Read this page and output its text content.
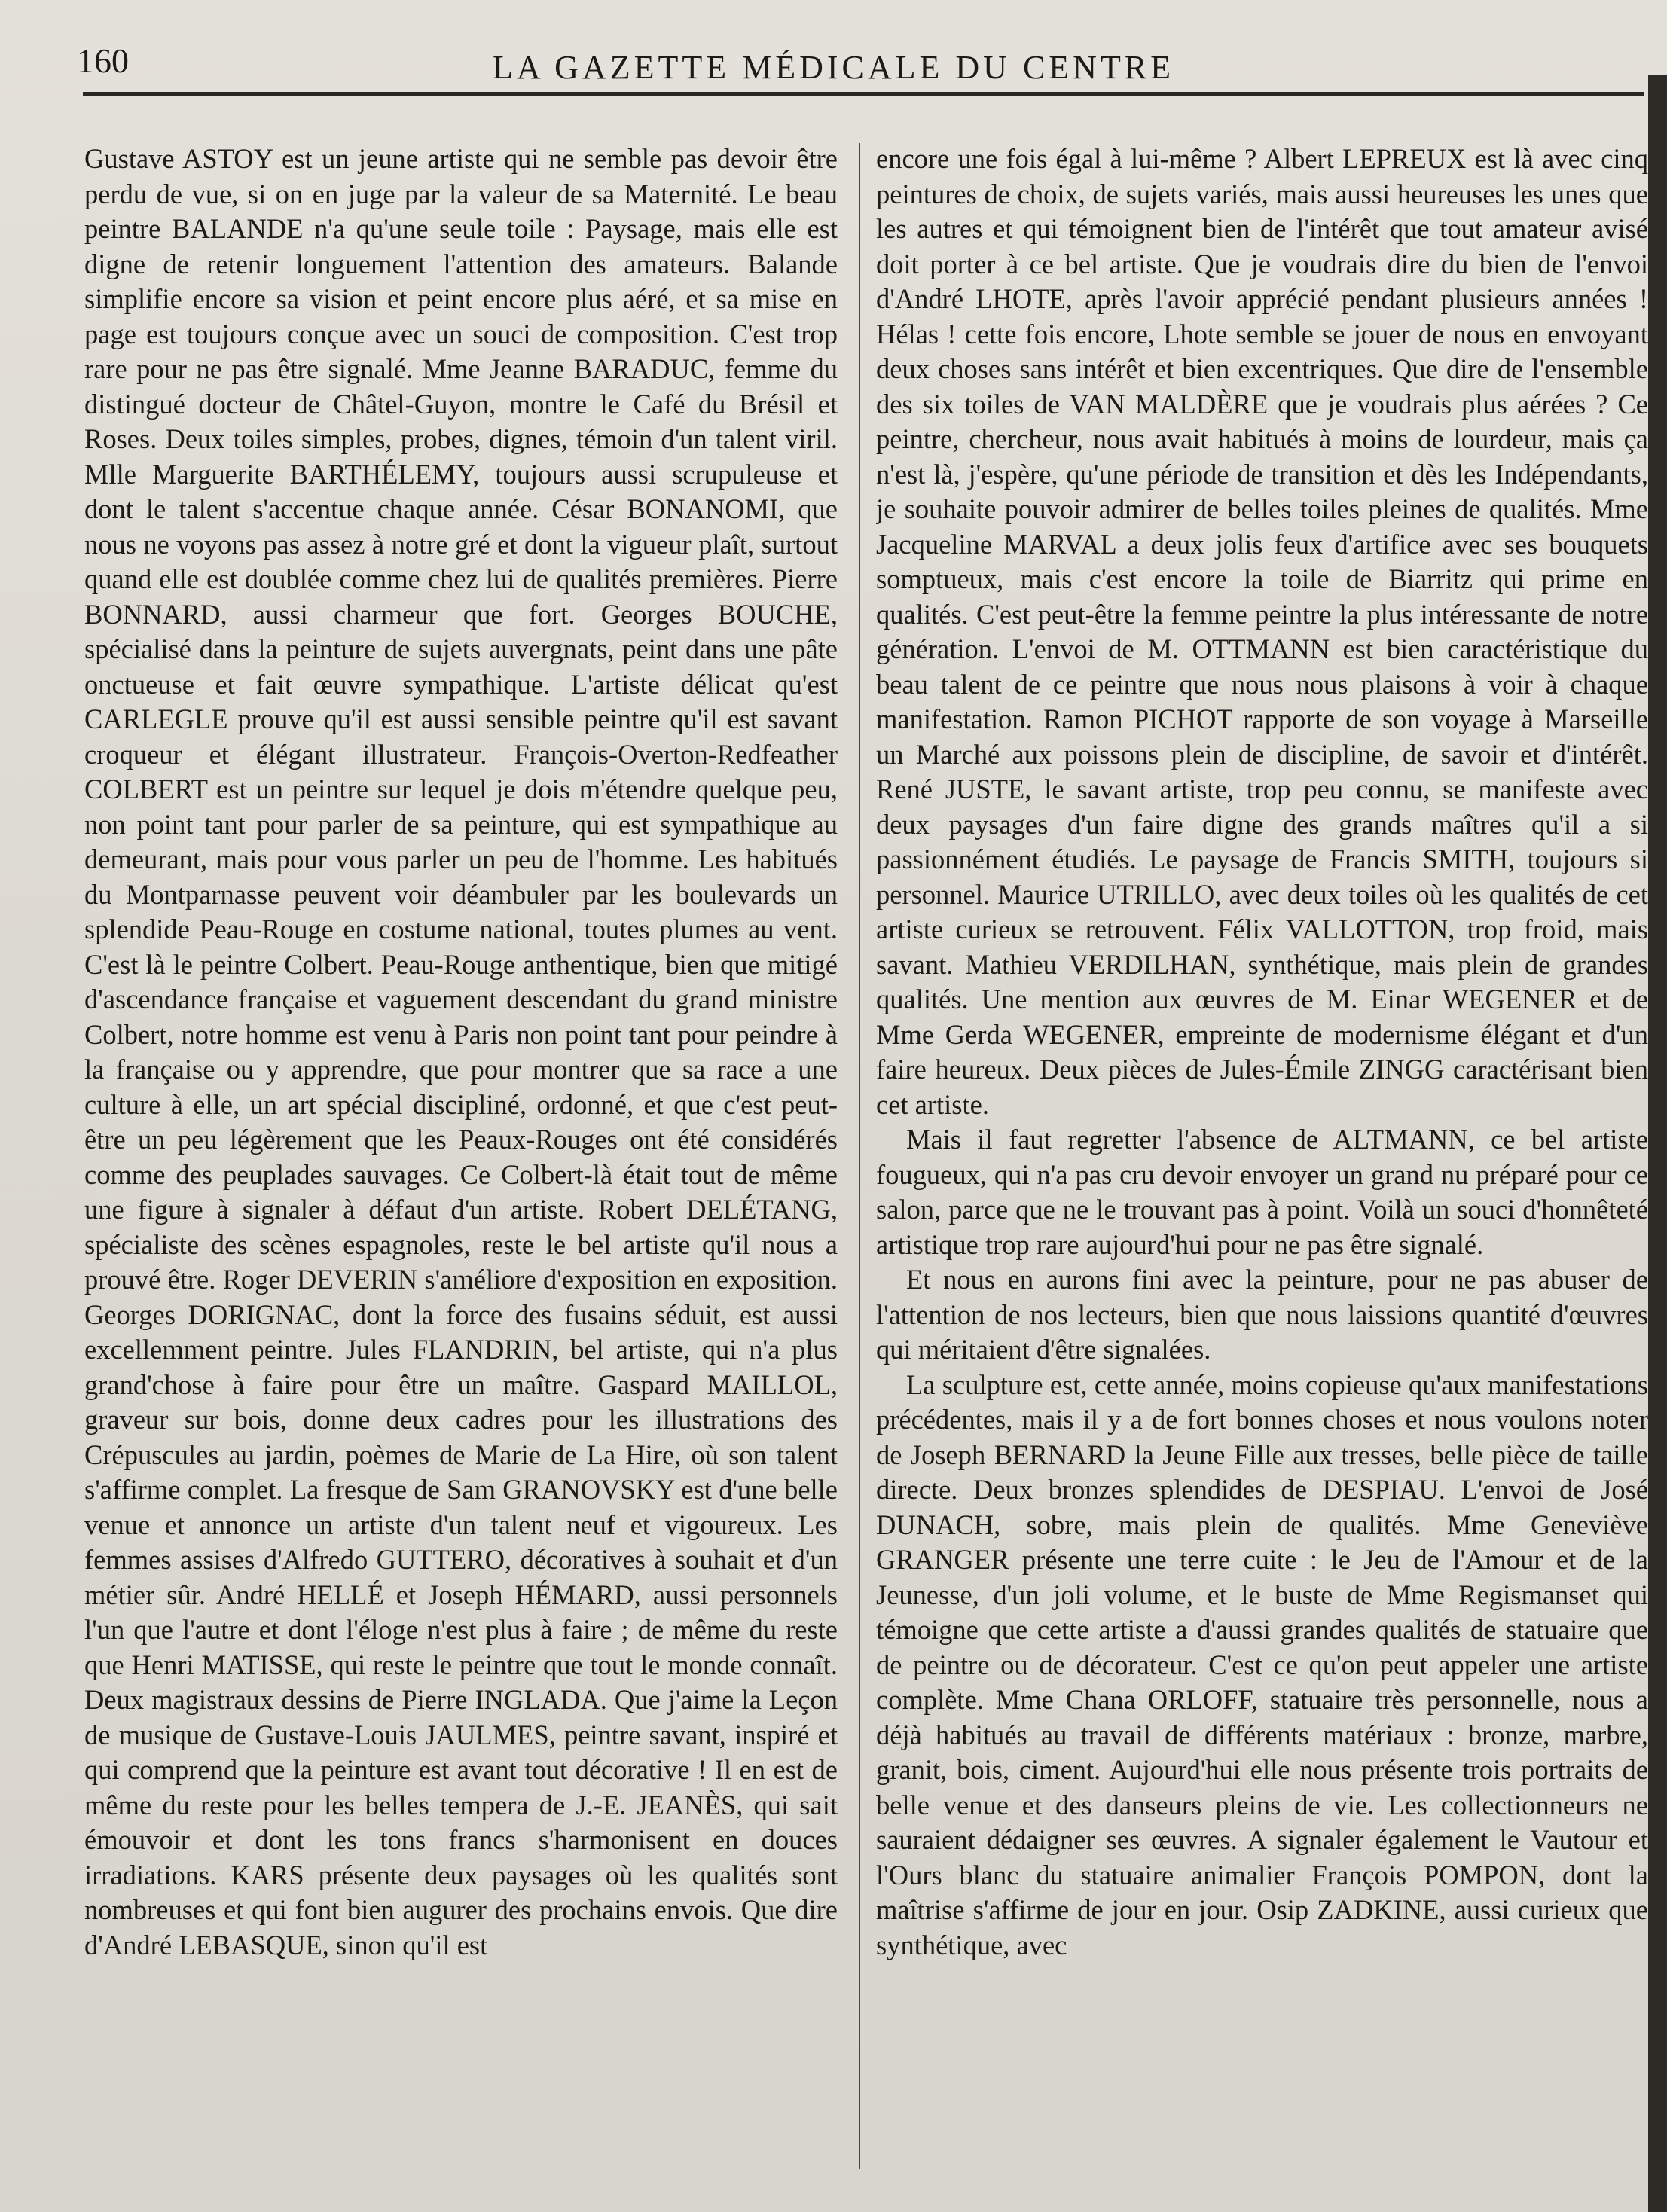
160	LA GAZETTE MÉDICALE DU CENTRE

Gustave ASTOY est un jeune artiste qui ne semble pas devoir être perdu de vue, si on en juge par la valeur de sa Maternité. Le beau peintre BALANDE n'a qu'une seule toile : Paysage, mais elle est digne de retenir longuement l'attention des amateurs. Balande simplifie encore sa vision et peint encore plus aéré, et sa mise en page est toujours conçue avec un souci de composition. C'est trop rare pour ne pas être signalé. Mme Jeanne BARADUC, femme du distingué docteur de Châtel-Guyon, montre le Café du Brésil et Roses. Deux toiles simples, probes, dignes, témoin d'un talent viril. Mlle Marguerite BARTHÉLEMY, toujours aussi scrupuleuse et dont le talent s'accentue chaque année. César BONANOMI, que nous ne voyons pas assez à notre gré et dont la vigueur plaît, surtout quand elle est doublée comme chez lui de qualités premières. Pierre BONNARD, aussi charmeur que fort. Georges BOUCHE, spécialisé dans la peinture de sujets auvergnats, peint dans une pâte onctueuse et fait œuvre sympathique. L'artiste délicat qu'est CARLEGLE prouve qu'il est aussi sensible peintre qu'il est savant croqueur et élégant illustrateur. François-Overton-Redfeather COLBERT est un peintre sur lequel je dois m'étendre quelque peu, non point tant pour parler de sa peinture, qui est sympathique au demeurant, mais pour vous parler un peu de l'homme. Les habitués du Montparnasse peuvent voir déambuler par les boulevards un splendide Peau-Rouge en costume national, toutes plumes au vent. C'est là le peintre Colbert. Peau-Rouge anthentique, bien que mitigé d'ascendance française et vaguement descendant du grand ministre Colbert, notre homme est venu à Paris non point tant pour peindre à la française ou y apprendre, que pour montrer que sa race a une culture à elle, un art spécial discipliné, ordonné, et que c'est peut-être un peu légèrement que les Peaux-Rouges ont été considérés comme des peuplades sauvages. Ce Colbert-là était tout de même une figure à signaler à défaut d'un artiste. Robert DELÉTANG, spécialiste des scènes espagnoles, reste le bel artiste qu'il nous a prouvé être. Roger DEVERIN s'améliore d'exposition en exposition. Georges DORIGNAC, dont la force des fusains séduit, est aussi excellemment peintre. Jules FLANDRIN, bel artiste, qui n'a plus grand'chose à faire pour être un maître. Gaspard MAILLOL, graveur sur bois, donne deux cadres pour les illustrations des Crépuscules au jardin, poèmes de Marie de La Hire, où son talent s'affirme complet. La fresque de Sam GRANOVSKY est d'une belle venue et annonce un artiste d'un talent neuf et vigoureux. Les femmes assises d'Alfredo GUTTERO, décoratives à souhait et d'un métier sûr. André HELLÉ et Joseph HÉMARD, aussi personnels l'un que l'autre et dont l'éloge n'est plus à faire ; de même du reste que Henri MATISSE, qui reste le peintre que tout le monde connaît. Deux magistraux dessins de Pierre INGLADA. Que j'aime la Leçon de musique de Gustave-Louis JAULMES, peintre savant, inspiré et qui comprend que la peinture est avant tout décorative ! Il en est de même du reste pour les belles tempera de J.-E. JEANÈS, qui sait émouvoir et dont les tons francs s'harmonisent en douces irradiations. KARS présente deux paysages où les qualités sont nombreuses et qui font bien augurer des prochains envois. Que dire d'André LEBASQUE, sinon qu'il est

encore une fois égal à lui-même ? Albert LEPREUX est là avec cinq peintures de choix, de sujets variés, mais aussi heureuses les unes que les autres et qui témoignent bien de l'intérêt que tout amateur avisé doit porter à ce bel artiste. Que je voudrais dire du bien de l'envoi d'André LHOTE, après l'avoir apprécié pendant plusieurs années ! Hélas ! cette fois encore, Lhote semble se jouer de nous en envoyant deux choses sans intérêt et bien excentriques. Que dire de l'ensemble des six toiles de VAN MALDÈRE que je voudrais plus aérées ? Ce peintre, chercheur, nous avait habitués à moins de lourdeur, mais ça n'est là, j'espère, qu'une période de transition et dès les Indépendants, je souhaite pouvoir admirer de belles toiles pleines de qualités. Mme Jacqueline MARVAL a deux jolis feux d'artifice avec ses bouquets somptueux, mais c'est encore la toile de Biarritz qui prime en qualités. C'est peut-être la femme peintre la plus intéressante de notre génération. L'envoi de M. OTTMANN est bien caractéristique du beau talent de ce peintre que nous nous plaisons à voir à chaque manifestation. Ramon PICHOT rapporte de son voyage à Marseille un Marché aux poissons plein de discipline, de savoir et d'intérêt. René JUSTE, le savant artiste, trop peu connu, se manifeste avec deux paysages d'un faire digne des grands maîtres qu'il a si passionnément étudiés. Le paysage de Francis SMITH, toujours si personnel. Maurice UTRILLO, avec deux toiles où les qualités de cet artiste curieux se retrouvent. Félix VALLOTTON, trop froid, mais savant. Mathieu VERDILHAN, synthétique, mais plein de grandes qualités. Une mention aux œuvres de M. Einar WEGENER et de Mme Gerda WEGENER, empreinte de modernisme élégant et d'un faire heureux. Deux pièces de Jules-Émile ZINGG caractérisant bien cet artiste.

Mais il faut regretter l'absence de ALTMANN, ce bel artiste fougueux, qui n'a pas cru devoir envoyer un grand nu préparé pour ce salon, parce que ne le trouvant pas à point. Voilà un souci d'honnêteté artistique trop rare aujourd'hui pour ne pas être signalé.

Et nous en aurons fini avec la peinture, pour ne pas abuser de l'attention de nos lecteurs, bien que nous laissions quantité d'œuvres qui méritaient d'être signalées.

La sculpture est, cette année, moins copieuse qu'aux manifestations précédentes, mais il y a de fort bonnes choses et nous voulons noter de Joseph BERNARD la Jeune Fille aux tresses, belle pièce de taille directe. Deux bronzes splendides de DESPIAU. L'envoi de José DUNACH, sobre, mais plein de qualités. Mme Geneviève GRANGER présente une terre cuite : le Jeu de l'Amour et de la Jeunesse, d'un joli volume, et le buste de Mme Regismanset qui témoigne que cette artiste a d'aussi grandes qualités de statuaire que de peintre ou de décorateur. C'est ce qu'on peut appeler une artiste complète. Mme Chana ORLOFF, statuaire très personnelle, nous a déjà habitués au travail de différents matériaux : bronze, marbre, granit, bois, ciment. Aujourd'hui elle nous présente trois portraits de belle venue et des danseurs pleins de vie. Les collectionneurs ne sauraient dédaigner ses œuvres. A signaler également le Vautour et l'Ours blanc du statuaire animalier François POMPON, dont la maîtrise s'affirme de jour en jour. Osip ZADKINE, aussi curieux que synthétique, avec
